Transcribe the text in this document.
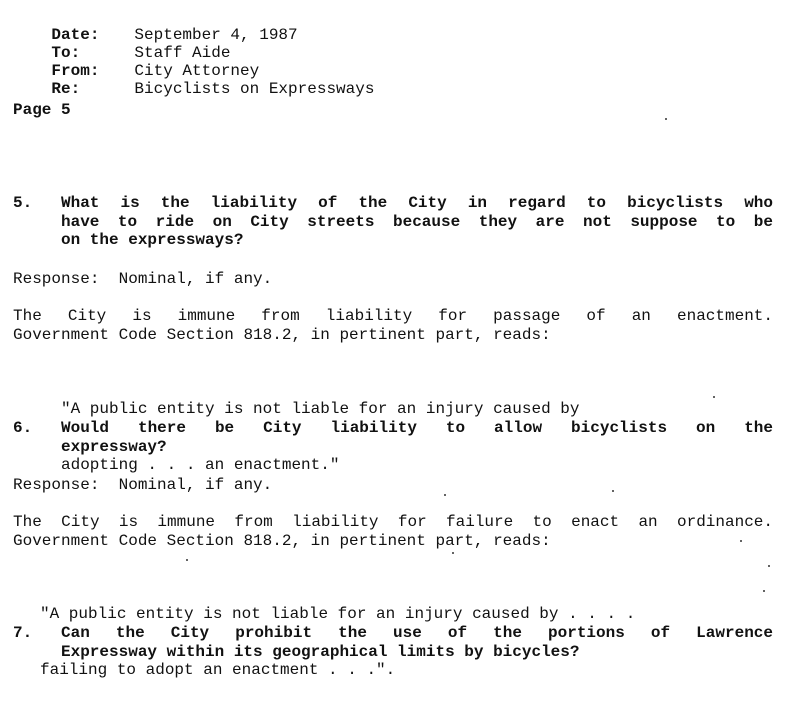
Date: September 4, 1987

To:	Staff Aide

From: City Attorney

Re:	Bicyclists on Expressways

Page 5
5. What is the liability of the City in regard to bicyclists who
have to ride on City streets because they are not suppose to be
on the expressways?
Response:  Nominal, if any.
The City is immune from liability for passage of an enactment.
Government Code Section 818.2, in pertinent part, reads:

"A public entity is not liable for an injury caused by

adopting . . . an enactment."

6. Would there be City liability to allow bicyclists on the
expressway?
Response:  Nominal, if any.
The City is immune from liability for failure to enact an ordinance.
Government Code Section 818.2, in pertinent part, reads:

"A public entity is not liable for an injury caused by . . . .

failing to adopt an enactment . . .".

7. Can the City prohibit the use of the portions of Lawrence
Expressway within its geographical limits by bicycles?
